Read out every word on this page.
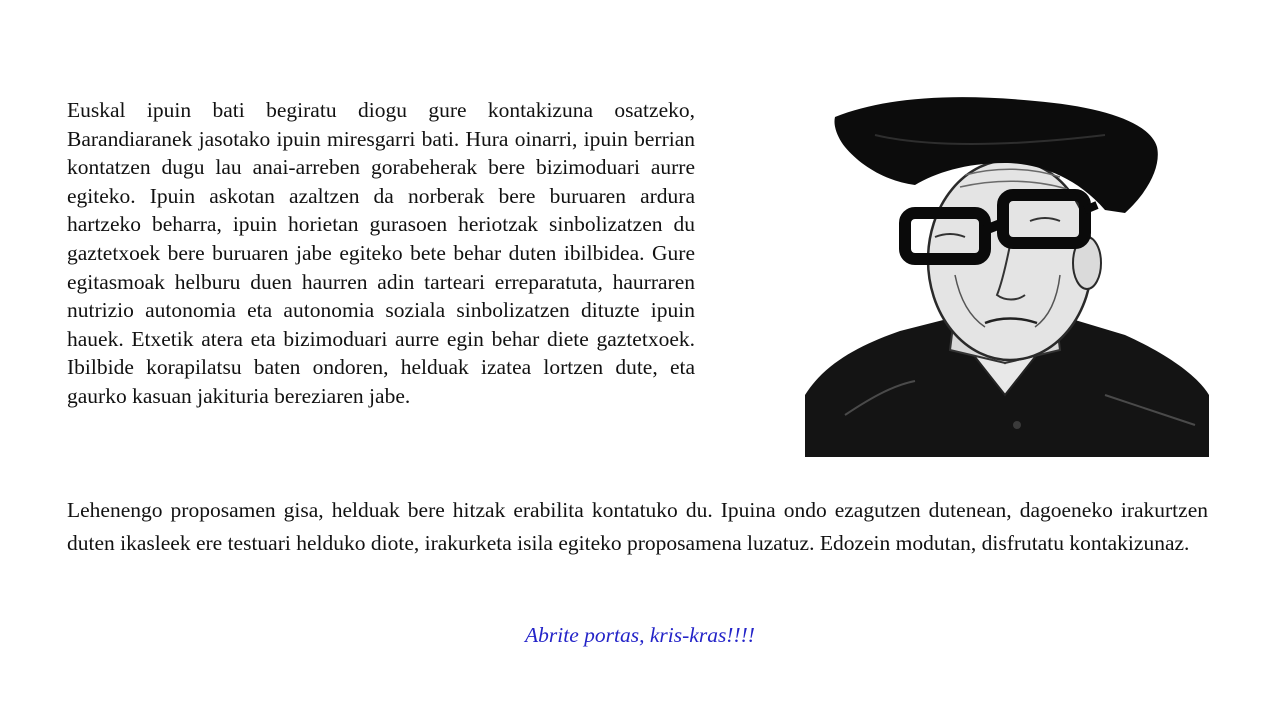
Euskal ipuin bati begiratu diogu gure kontakizuna osatzeko, Barandiaranek jasotako ipuin miresgarri bati. Hura oinarri, ipuin berrian kontatzen dugu lau anai-arreben gorabeherak bere bizimoduari aurre egiteko. Ipuin askotan azaltzen da norberak bere buruaren ardura hartzeko beharra, ipuin horietan gurasoen heriotzak sinbolizatzen du gaztetxoek bere buruaren jabe egiteko bete behar duten ibilbidea. Gure egitasmoak helburu duen haurren adin tarteari erreparatuta, haurraren nutrizio autonomia eta autonomia soziala sinbolizatzen dituzte ipuin hauek. Etxetik atera eta bizimoduari aurre egin behar diete gaztetxoek. Ibilbide korapilatsu baten ondoren, helduak izatea lortzen dute, eta gaurko kasuan jakituria bereziaren jabe.

Lehenengo proposamen gisa, helduak bere hitzak erabilita kontatuko du. Ipuina ondo ezagutzen dutenean, dagoeneko irakurtzen duten ikasleek ere testuari helduko diote, irakurketa isila egiteko proposamena luzatuz. Edozein modutan, disfrutatu kontakizunaz.

Abrite portas, kris-kras!!!!
